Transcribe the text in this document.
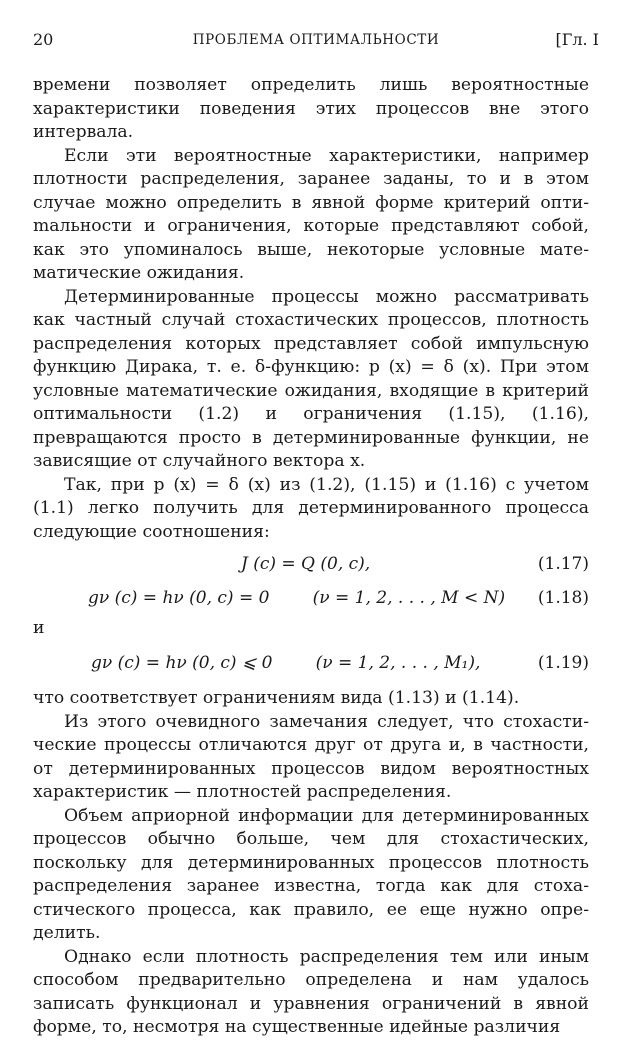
20	ПРОБЛЕМА ОПТИМАЛЬНОСТИ	[Гл. I

времени позволяет определить лишь вероятностные характеристики поведения этих процессов вне этого интервала.

Если эти вероятностные характеристики, например плотности распределения, заранее заданы, то и в этом случае можно определить в явной форме критерий оптиmальности и ограничения, которые представляют собой, как это упоминалось выше, некоторые условные математические ожидания.

Детерминированные процессы можно рассматривать как частный случай стохастических процессов, плотность распределения которых представляет собой импульсную функцию Дирака, т. е. δ-функцию: p (x) = δ (x). При этом условные математические ожидания, входящие в критерий оптимальности (1.2) и ограничения (1.15), (1.16), превращаются просто в детерминированные функции, не зависящие от случайного вектора x.

Так, при p (x) = δ (x) из (1.2), (1.15) и (1.16) с учетом (1.1) легко получить для детерминированного процесса следующие соотношения:

J (c) = Q (0, c),	(1.17)
gν (c) = hν (0, c) = 0        (ν = 1, 2, . . . , M < N) (1.18)
и
gν (c) = hν (0, c) ⩽ 0        (ν = 1, 2, . . . , M₁),	(1.19)

что соответствует ограничениям вида (1.13) и (1.14).

Из этого очевидного замечания следует, что стохастические процессы отличаются друг от друга и, в частности, от детерминированных процессов видом вероятностных характеристик — плотностей распределения.

Объем априорной информации для детерминированных процессов обычно больше, чем для стохастических, поскольку для детерминированных процессов плотность распределения заранее известна, тогда как для стохастического процесса, как правило, ее еще нужно определить.

Однако если плотность распределения тем или иным способом предварительно определена и нам удалось записать функционал и уравнения ограничений в явной форме, то, несмотря на существенные идейные различия
